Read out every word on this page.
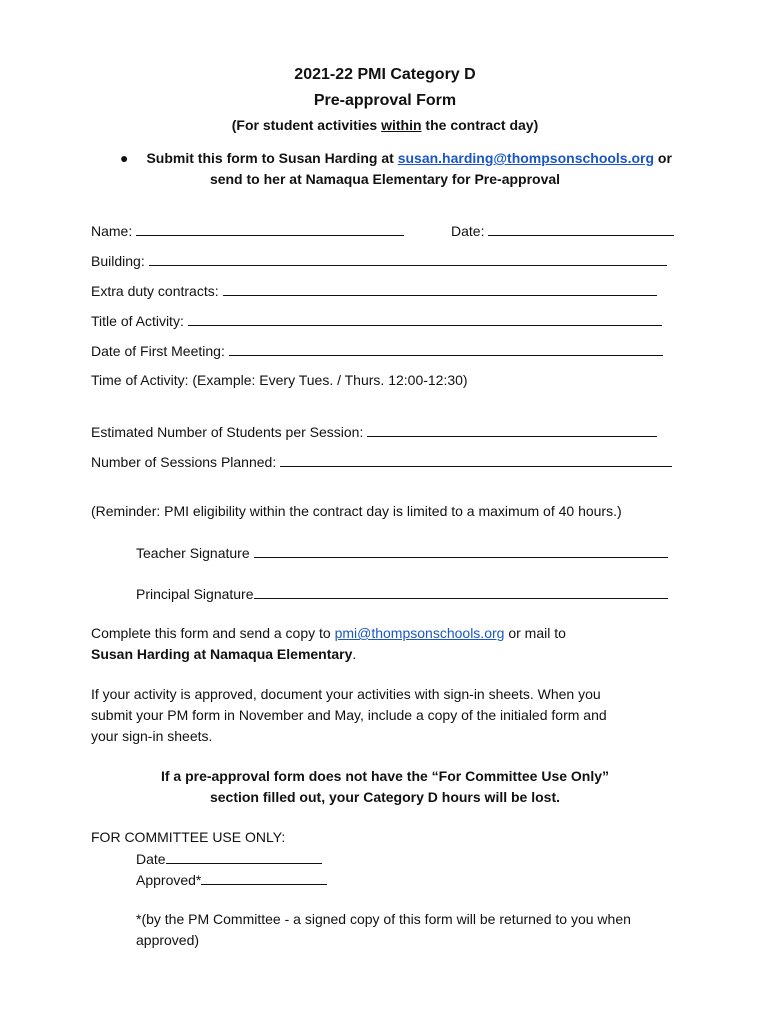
2021-22 PMI Category D
Pre-approval Form
(For student activities within the contract day)
● Submit this form to Susan Harding at susan.harding@thompsonschools.org or
send to her at Namaqua Elementary for Pre-approval
Name:	Date:
Building:
Extra duty contracts:
Title of Activity:
Date of First Meeting:
Time of Activity: (Example: Every Tues. / Thurs. 12:00-12:30)
Estimated Number of Students per Session:
Number of Sessions Planned:
(Reminder: PMI eligibility within the contract day is limited to a maximum of 40 hours.)
Teacher Signature
Principal Signature
Complete this form and send a copy to pmi@thompsonschools.org or mail to
Susan Harding at Namaqua Elementary.
If your activity is approved, document your activities with sign-in sheets. When you
submit your PM form in November and May, include a copy of the initialed form and
your sign-in sheets.
If a pre-approval form does not have the “For Committee Use Only”
section filled out, your Category D hours will be lost.
FOR COMMITTEE USE ONLY:
Date
Approved*
*(by the PM Committee - a signed copy of this form will be returned to you when
approved)
